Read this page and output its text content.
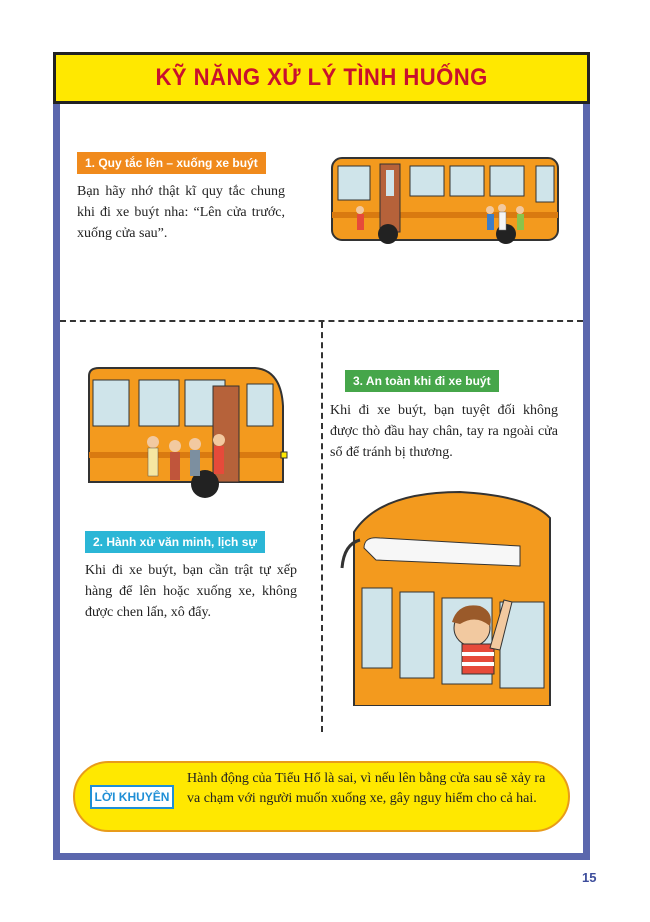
KỸ NĂNG XỬ LÝ TÌNH HUỐNG
1. Quy tắc lên – xuống xe buýt
Bạn hãy nhớ thật kĩ quy tắc chung khi đi xe buýt nha: “Lên cửa trước, xuống cửa sau”.
3. An toàn khi đi xe buýt
Khi đi xe buýt, bạn tuyệt đối không được thò đầu hay chân, tay ra ngoài cửa sổ để tránh bị thương.
2. Hành xử văn minh, lịch sự
Khi đi xe buýt, bạn cần trật tự xếp hàng để lên hoặc xuống xe, không được chen lấn, xô đẩy.
LỜI KHUYÊN
Hành động của Tiểu Hổ là sai, vì nếu lên bằng cửa sau sẽ xảy ra va chạm với người muốn xuống xe, gây nguy hiểm cho cả hai.
15
